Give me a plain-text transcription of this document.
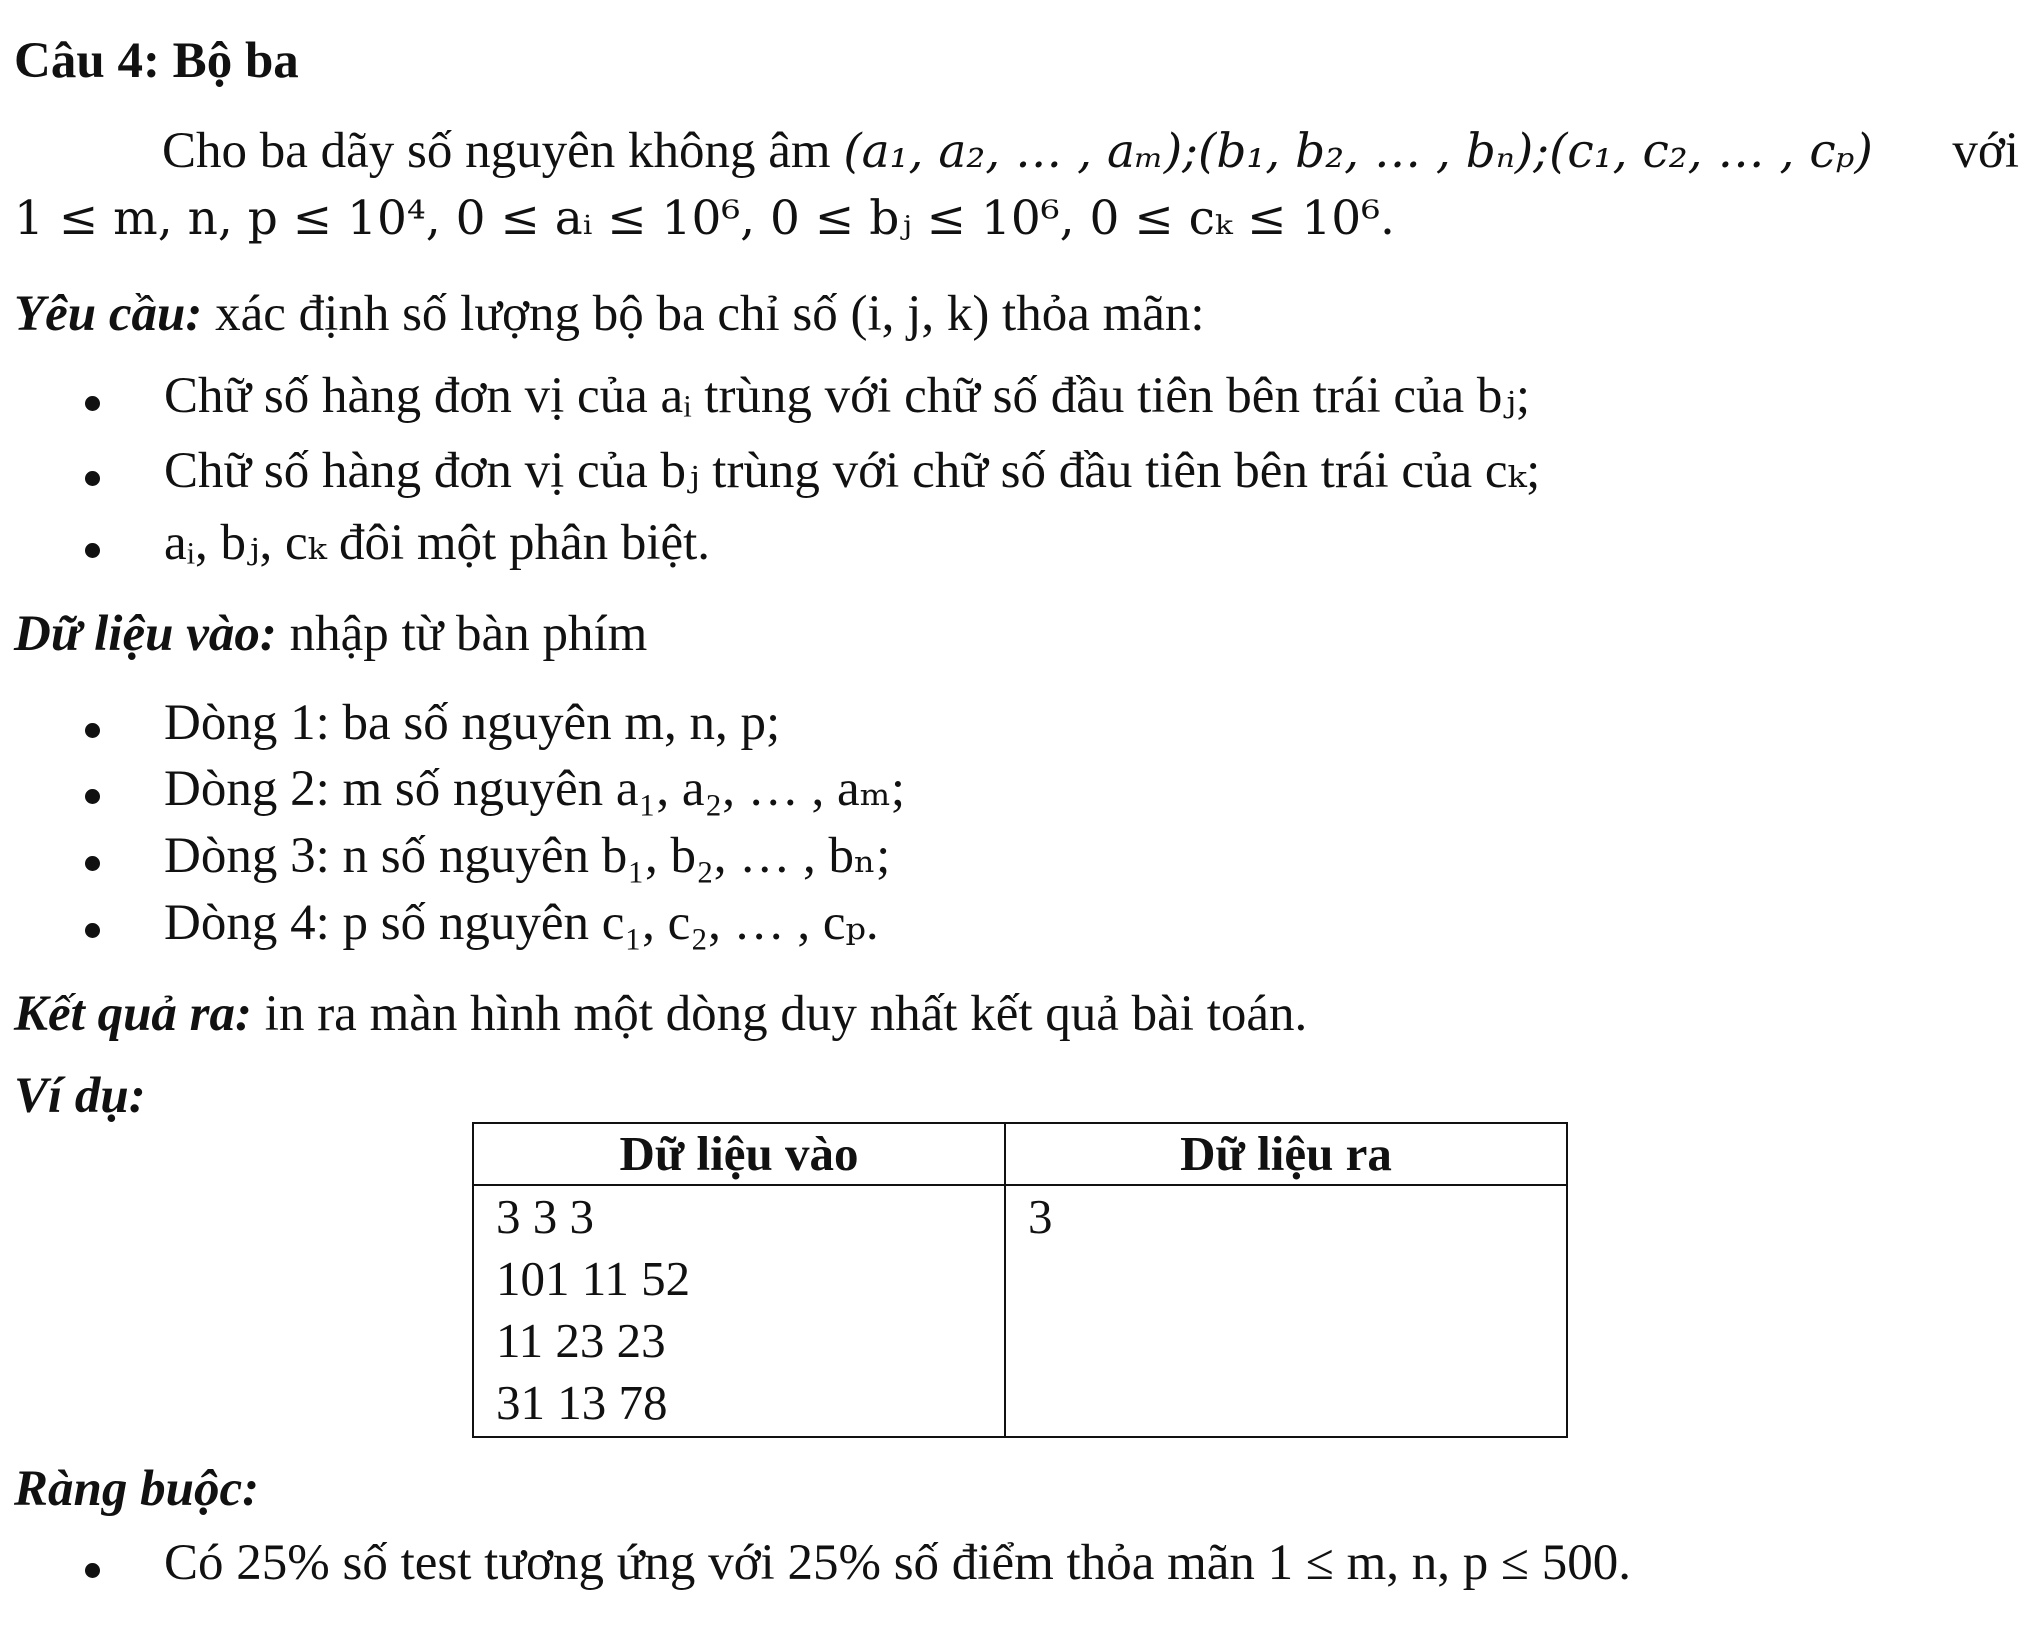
Câu 4: Bộ ba
Cho ba dãy số nguyên không âm (a₁, a₂, … , aₘ);(b₁, b₂, … , bₙ);(c₁, c₂, … , cₚ) với
1 ≤ m, n, p ≤ 10⁴, 0 ≤ aᵢ ≤ 10⁶, 0 ≤ bⱼ ≤ 10⁶, 0 ≤ cₖ ≤ 10⁶.
Yêu cầu: xác định số lượng bộ ba chỉ số (i, j, k) thỏa mãn:
Chữ số hàng đơn vị của aᵢ trùng với chữ số đầu tiên bên trái của bⱼ;
Chữ số hàng đơn vị của bⱼ trùng với chữ số đầu tiên bên trái của cₖ;
aᵢ, bⱼ, cₖ đôi một phân biệt.
Dữ liệu vào: nhập từ bàn phím
Dòng 1: ba số nguyên m, n, p;
Dòng 2: m số nguyên a₁, a₂, … , aₘ;
Dòng 3: n số nguyên b₁, b₂, … , bₙ;
Dòng 4: p số nguyên c₁, c₂, … , cₚ.
Kết quả ra: in ra màn hình một dòng duy nhất kết quả bài toán.
Ví dụ:
Dữ liệu vào	Dữ liệu ra

3 3 3
101 11 52
11 23 23
31 13 78	3
Ràng buộc:
Có 25% số test tương ứng với 25% số điểm thỏa mãn 1 ≤ m, n, p ≤ 500.
